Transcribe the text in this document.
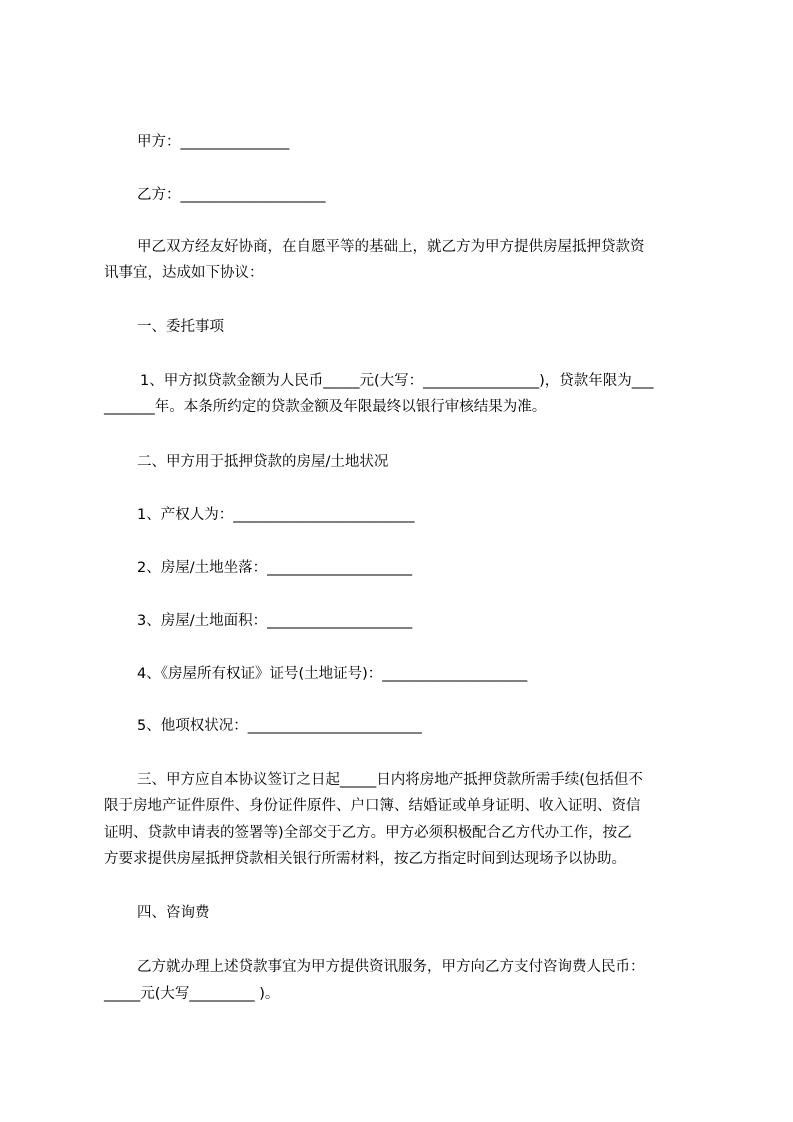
甲方：_______________
乙方：____________________
甲乙双方经友好协商，在自愿平等的基础上，就乙方为甲方提供房屋抵押贷款资
讯事宜，达成如下协议：
一、委托事项
1、甲方拟贷款金额为人民币_____元(大写：________________)，贷款年限为___
_______年。本条所约定的贷款金额及年限最终以银行审核结果为准。
二、甲方用于抵押贷款的房屋/土地状况
1、产权人为：_________________________
2、房屋/土地坐落：____________________
3、房屋/土地面积：____________________
4、《房屋所有权证》证号(土地证号)：____________________
5、他项权状况：________________________
三、甲方应自本协议签订之日起_____日内将房地产抵押贷款所需手续(包括但不
限于房地产证件原件、身份证件原件、户口簿、结婚证或单身证明、收入证明、资信
证明、贷款申请表的签署等)全部交于乙方。甲方必须积极配合乙方代办工作，按乙
方要求提供房屋抵押贷款相关银行所需材料，按乙方指定时间到达现场予以协助。
四、咨询费
乙方就办理上述贷款事宜为甲方提供资讯服务，甲方向乙方支付咨询费人民币：
_____元(大写_________ )。
